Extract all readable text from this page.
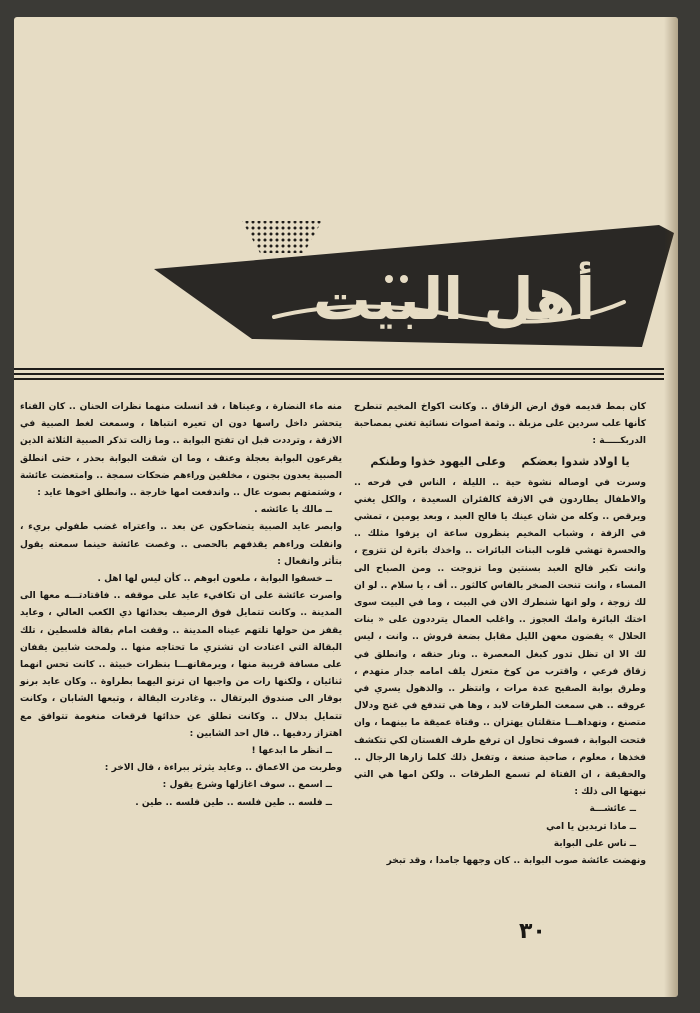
أهل البيت

كان بمط قديمه فوق ارض الزقاق .. وكانت اكواخ المخيم تنطرح كأنها علب سردين على مزبلة .. وثمة اصوات نسائية تغني بمصاحبة الدربكـــــة :

يا اولاد شدوا بعضكم وعلى اليهود خذوا وطنكم

وسرت في اوصاله نشوة حية .. الليلة ، الناس في فرحه .. والاطفال يطاردون في الازقة كالفئران السعيدة ، والكل يغني ويرقص .. وكله من شان عينك يا فالح العبد ، وبعد يومين ، تمشي في الزفة ، وشباب المخيم ينظرون ساعة ان يزفوا مثلك .. والحسرة تهشي قلوب البنات البائرات .. واخذك باترة لن تتزوج ، وانت تكبر فالح العبد بسنتين وما تزوجت .. ومن الصباح الى المساء ، وانت تنحت الصخر بالفاس كالثور .. أف ، يا سلام .. لو ان لك زوجة ، ولو انها شنطرك الان في البيت ، وما في البيت سوى اختك البائرة وامك العجوز .. واغلب العمال يترددون على « بنات الحلال » يقضون معهن الليل مقابل بضعة قروش .. وانت ، ليس لك الا ان تظل تدور كبغل المعصرة .. ونار حنقه ، وانطلق في زقاق فرعي ، واقترب من كوخ متعزل يلف امامه جدار متهدم ، وطرق بوابة الصفيح عدة مرات ، وانتظر .. والذهول يسري في عروقه .. هي سمعت الطرقات لابد ، وها هي تندفع في غنج ودلال متصنع ، ونهداهـــا متقلتان يهتزان .. وقتاة عميقة ما بينهما ، وان فتحت البوابة ، فسوف تحاول ان ترفع طرف الفستان لكي تتكشف فخذها ، معلوم ، صاحبة صنعة ، وتفعل ذلك كلما زارها الرجال .. والحقيقة ، ان الفتاة لم تسمع الطرقات .. ولكن امها هي التي نبهتها الى ذلك :

ــ عائشـــة

ــ ماذا تريدين يا امي

ــ ناس على البوابة

ونهضت عائشة صوب البوابة .. كان وجهها جامدا ، وقد تبخر

منه ماء النضارة ، وعيناها ، قد انسلت منهما نظرات الحنان .. كان الفناء يتحشر داخل راسها دون ان تعيره انتباها ، وسمعت لغط الصبية في الازقة ، وترددت قبل ان تفتح البوابة .. وما زالت تذكر الصبية الثلاثة الذين يقرعون البوابة بعجلة وعنف ، وما ان شقت البوابة بحذر ، حتى انطلق الصبية يعدون بجنون ، مخلفين وراءهم ضحكات سمجة .. وامتعضت عائشة ، وشتمتهم بصوت عال .. واندفعت امها خارجة .. وانطلق اخوها عايد :

ــ مالك يا عائشه .

وابصر عايد الصبية يتضاحكون عن بعد .. واعتراه غضب طفولي بريء ، وانفلت وراءهم يقذفهم بالحصى .. وغصت عائشة حينما سمعته يقول بتأثر وانفعال :

ــ خسفوا البوابة ، ملعون ابوهم .. كأن ليس لها اهل .

واصرت عائشة على ان تكافيء عايد على موقفه .. فاقتادتـــه معها الى المدينة .. وكانت تتمايل فوق الرصيف بحذائها ذي الكعب العالي ، وعايد يقفز من حولها تلتهم عيناه المدينة .. وقفت امام بقالة فلسطين ، تلك البقالة التي اعتادت ان تشتري ما تحتاجه منها .. ولمحت شابين يقفان على مسافة قريبة منها ، ويرمقانهـــا بنظرات خبيثة .. كانت تحس انهما ثنائيان ، ولكنها رات من واجبها ان ترنو اليهما بطراوة .. وكان عايد برنو بوقار الى صندوق البرتقال .. وغادرت البقالة ، وتبعها الشابان ، وكانت تتمايل بدلال .. وكانت تطلق عن حذائها قرقعات منغومة تتوافق مع اهتزاز ردفيها .. قال احد الشابين :

ــ انظر ما ابدعها !

وطربت من الاعماق .. وعايد يثرثر ببراءة ، قال الاخر :

ــ اسمع .. سوف اغازلها وشرع يقول :

ــ فلسه .. طين فلسه .. طين فلسه .. طين .

٣٠
